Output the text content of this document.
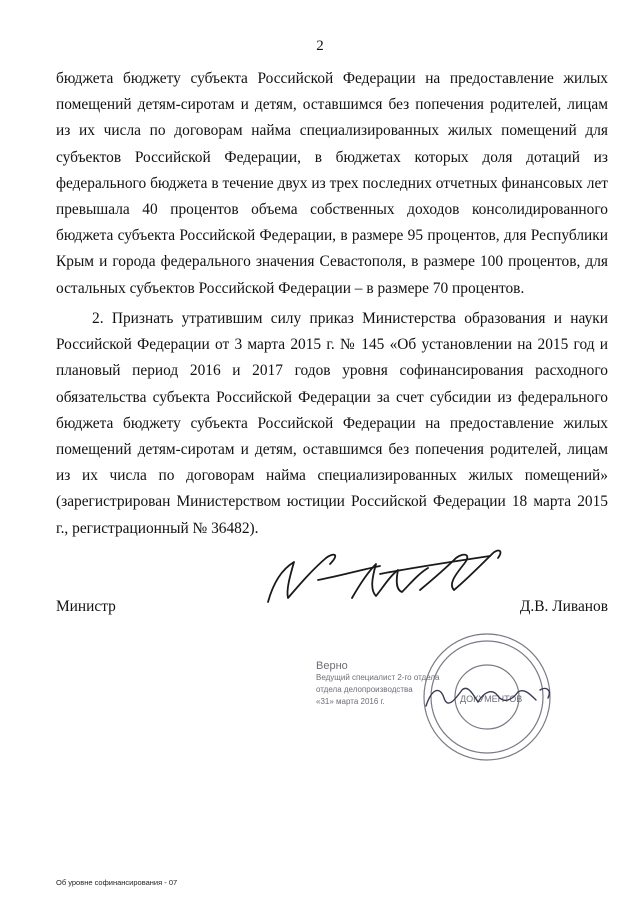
2

бюджета бюджету субъекта Российской Федерации на предоставление жилых помещений детям-сиротам и детям, оставшимся без попечения родителей, лицам из их числа по договорам найма специализированных жилых помещений для субъектов Российской Федерации, в бюджетах которых доля дотаций из федерального бюджета в течение двух из трех последних отчетных финансовых лет превышала 40 процентов объема собственных доходов консолидированного бюджета субъекта Российской Федерации, в размере 95 процентов, для Республики Крым и города федерального значения Севастополя, в размере 100 процентов, для остальных субъектов Российской Федерации – в размере 70 процентов.

2. Признать утратившим силу приказ Министерства образования и науки Российской Федерации от 3 марта 2015 г. № 145 «Об установлении на 2015 год и плановый период 2016 и 2017 годов уровня софинансирования расходного обязательства субъекта Российской Федерации за счет субсидии из федерального бюджета бюджету субъекта Российской Федерации на предоставление жилых помещений детям-сиротам и детям, оставшимся без попечения родителей, лицам из их числа по договорам найма специализированных жилых помещений» (зарегистрирован Министерством юстиции Российской Федерации 18 марта 2015 г., регистрационный № 36482).

Министр	Д.В. Ливанов
ДОКУМЕНТОВ
Верно
Ведущий специалист 2-го отдела
отдела делопроизводства
«31» марта 2016 г.
Об уровне софинансирования - 07
